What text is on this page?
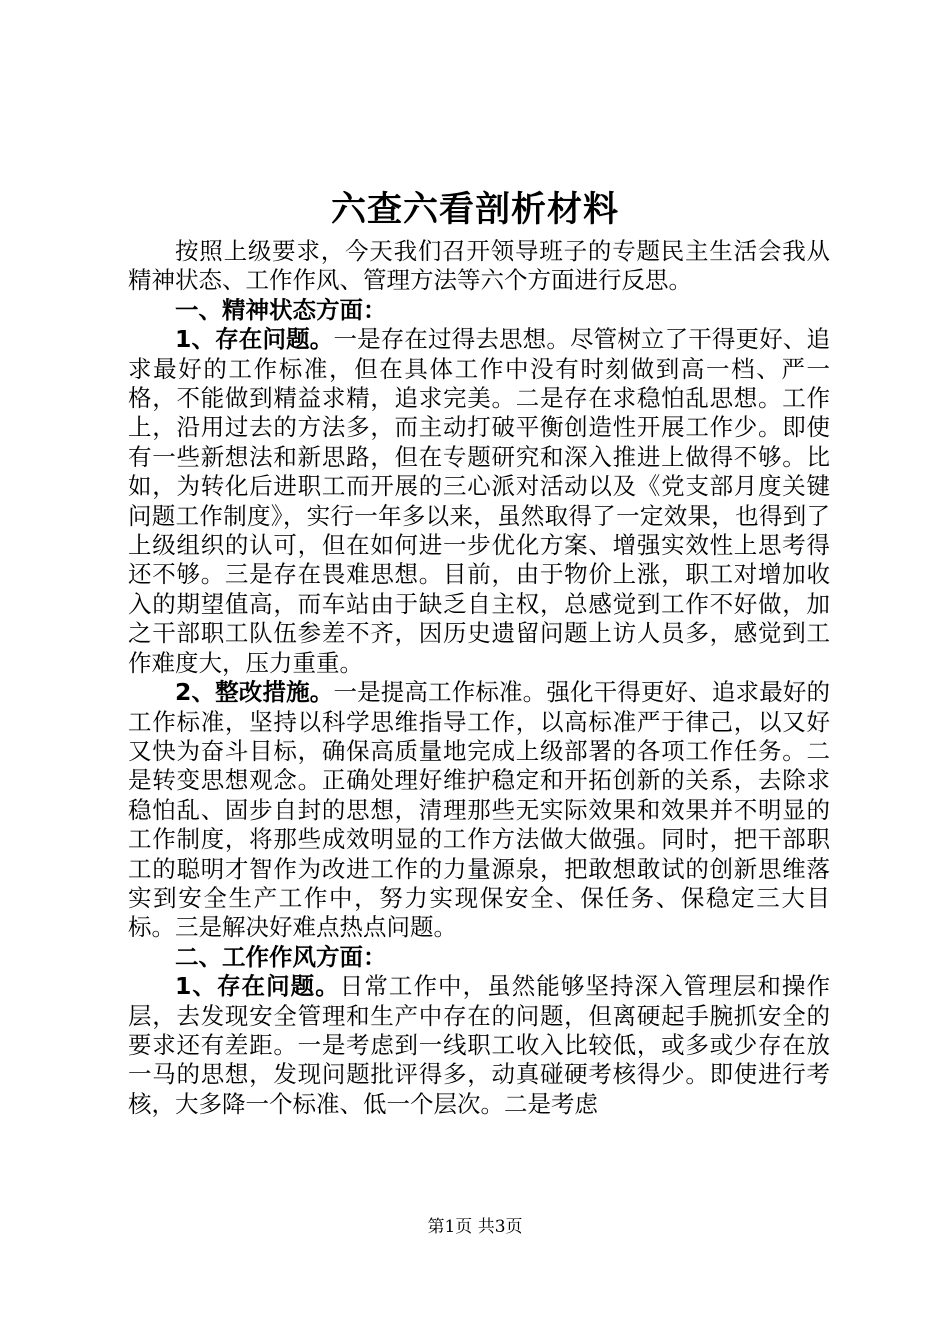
六查六看剖析材料

按照上级要求，今天我们召开领导班子的专题民主生活会我从精神状态、工作作风、管理方法等六个方面进行反思。

一、精神状态方面：

1、存在问题。一是存在过得去思想。尽管树立了干得更好、追求最好的工作标准，但在具体工作中没有时刻做到高一档、严一格，不能做到精益求精，追求完美。二是存在求稳怕乱思想。工作上，沿用过去的方法多，而主动打破平衡创造性开展工作少。即使有一些新想法和新思路，但在专题研究和深入推进上做得不够。比如，为转化后进职工而开展的三心派对活动以及《党支部月度关键问题工作制度》，实行一年多以来，虽然取得了一定效果，也得到了上级组织的认可，但在如何进一步优化方案、增强实效性上思考得还不够。三是存在畏难思想。目前，由于物价上涨，职工对增加收入的期望值高，而车站由于缺乏自主权，总感觉到工作不好做，加之干部职工队伍参差不齐，因历史遗留问题上访人员多，感觉到工作难度大，压力重重。

2、整改措施。一是提高工作标准。强化干得更好、追求最好的工作标准，坚持以科学思维指导工作，以高标准严于律己，以又好又快为奋斗目标，确保高质量地完成上级部署的各项工作任务。二是转变思想观念。正确处理好维护稳定和开拓创新的关系，去除求稳怕乱、固步自封的思想，清理那些无实际效果和效果并不明显的工作制度，将那些成效明显的工作方法做大做强。同时，把干部职工的聪明才智作为改进工作的力量源泉，把敢想敢试的创新思维落实到安全生产工作中，努力实现保安全、保任务、保稳定三大目标。三是解决好难点热点问题。

二、工作作风方面：

1、存在问题。日常工作中，虽然能够坚持深入管理层和操作层，去发现安全管理和生产中存在的问题，但离硬起手腕抓安全的要求还有差距。一是考虑到一线职工收入比较低，或多或少存在放一马的思想，发现问题批评得多，动真碰硬考核得少。即使进行考核，大多降一个标准、低一个层次。二是考虑

第1页 共3页
